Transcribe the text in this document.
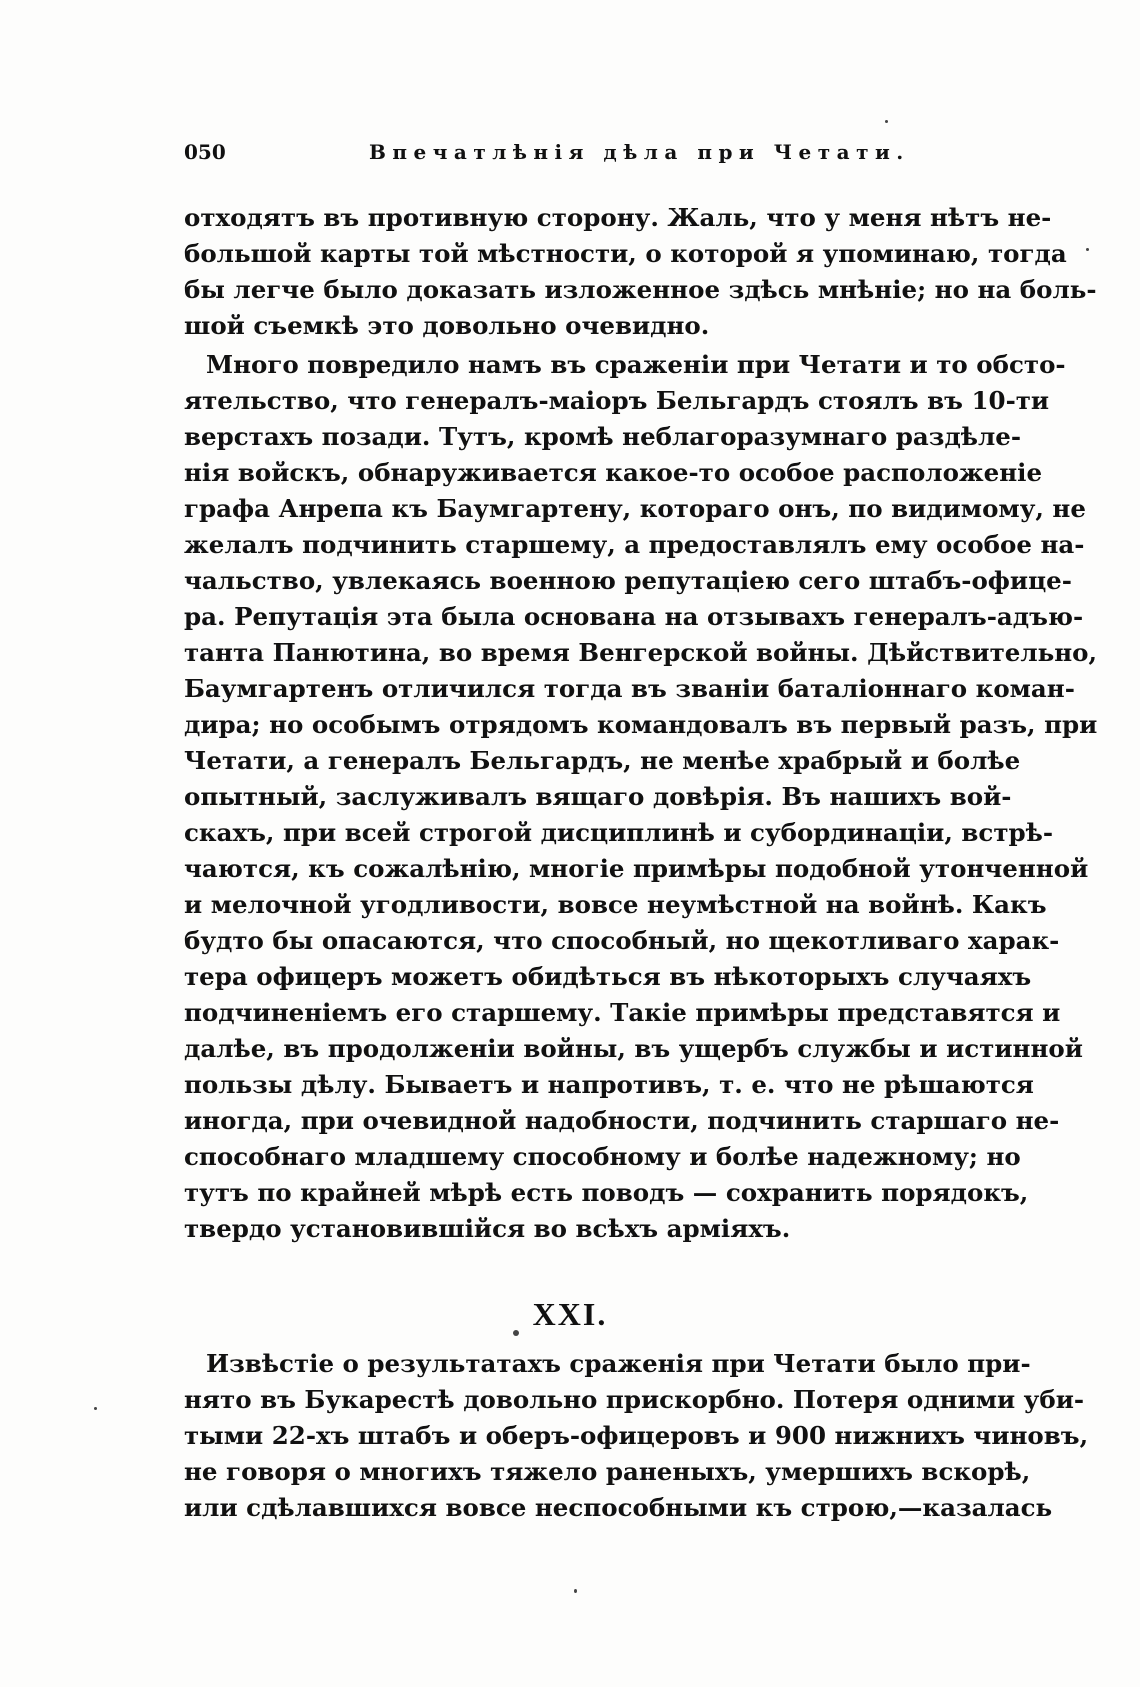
050	Впечатлѣнія дѣла при Четати.
отходятъ въ противную сторону. Жаль, что у меня нѣтъ не-
большой карты той мѣстности, о которой я упоминаю, тогда
бы легче было доказать изложенное здѣсь мнѣніе; но на боль-
шой съемкѣ это довольно очевидно.
Много повредило намъ въ сраженіи при Четати и то обсто-
ятельство, что генералъ-маіоръ Бельгардъ стоялъ въ 10-ти
верстахъ позади. Тутъ, кромѣ неблагоразумнаго раздѣле-
нія войскъ, обнаруживается какое-то особое расположеніе
графа Анрепа къ Баумгартену, котораго онъ, по видимому, не
желалъ подчинить старшему, а предоставлялъ ему особое на-
чальство, увлекаясь военною репутаціею сего штабъ-офице-
ра. Репутація эта была основана на отзывахъ генералъ-адъю-
танта Панютина, во время Венгерской войны. Дѣйствительно,
Баумгартенъ отличился тогда въ званіи баталіоннаго коман-
дира; но особымъ отрядомъ командовалъ въ первый разъ, при
Четати, а генералъ Бельгардъ, не менѣе храбрый и болѣе
опытный, заслуживалъ вящаго довѣрія. Въ нашихъ вой-
скахъ, при всей строгой дисциплинѣ и субординаціи, встрѣ-
чаются, къ сожалѣнію, многіе примѣры подобной утонченной
и мелочной угодливости, вовсе неумѣстной на войнѣ. Какъ
будто бы опасаются, что способный, но щекотливаго харак-
тера офицеръ можетъ обидѣться въ нѣкоторыхъ случаяхъ
подчиненіемъ его старшему. Такіе примѣры представятся и
далѣе, въ продолженіи войны, въ ущербъ службы и истинной
пользы дѣлу. Бываетъ и напротивъ, т. е. что не рѣшаются
иногда, при очевидной надобности, подчинить старшаго не-
способнаго младшему способному и болѣе надежному; но
тутъ по крайней мѣрѣ есть поводъ — сохранить порядокъ,
твердо установившійся во всѣхъ арміяхъ.
XXI.
Извѣстіе о результатахъ сраженія при Четати было при-
нято въ Букарестѣ довольно прискорбно. Потеря одними уби-
тыми 22-хъ штабъ и оберъ-офицеровъ и 900 нижнихъ чиновъ,
не говоря о многихъ тяжело раненыхъ, умершихъ вскорѣ,
или сдѣлавшихся вовсе неспособными къ строю,—казалась
